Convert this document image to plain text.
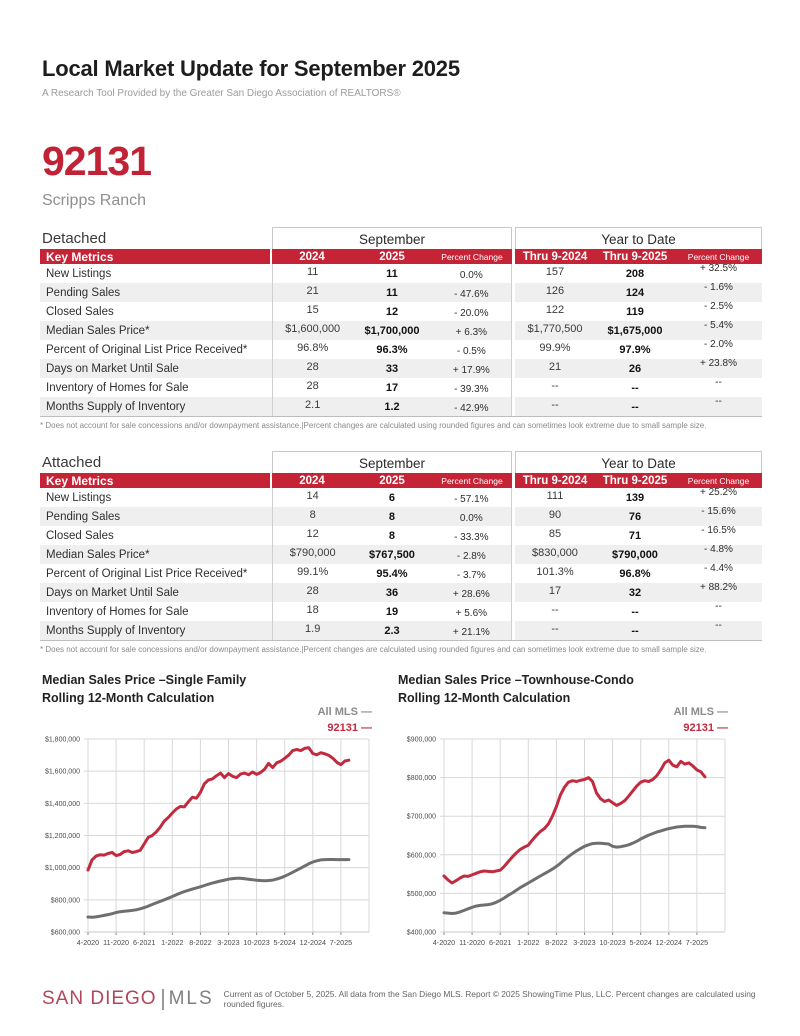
Local Market Update for September 2025
A Research Tool Provided by the Greater San Diego Association of REALTORS®
92131
Scripps Ranch
Detached	September	Year to Date
Key Metrics	2024	2025	Percent Change	Thru 9-2024	Thru 9-2025	Percent Change
New Listings	11	11	0.0%	157	208	+ 32.5%
Pending Sales	21	11	- 47.6%	126	124	- 1.6%
Closed Sales	15	12	- 20.0%	122	119	- 2.5%
Median Sales Price*	$1,600,000	$1,700,000	+ 6.3%	$1,770,500	$1,675,000	- 5.4%
Percent of Original List Price Received*	96.8%	96.3%	- 0.5%	99.9%	97.9%	- 2.0%
Days on Market Until Sale	28	33	+ 17.9%	21	26	+ 23.8%
Inventory of Homes for Sale	28	17	- 39.3%	--	--	--
Months Supply of Inventory	2.1	1.2	- 42.9%	--	--	--
* Does not account for sale concessions and/or downpayment assistance.|Percent changes are calculated using rounded figures and can sometimes look extreme due to small sample size.
Attached	September	Year to Date
Key Metrics	2024	2025	Percent Change	Thru 9-2024	Thru 9-2025	Percent Change
New Listings	14	6	- 57.1%	111	139	+ 25.2%
Pending Sales	8	8	0.0%	90	76	- 15.6%
Closed Sales	12	8	- 33.3%	85	71	- 16.5%
Median Sales Price*	$790,000	$767,500	- 2.8%	$830,000	$790,000	- 4.8%
Percent of Original List Price Received*	99.1%	95.4%	- 3.7%	101.3%	96.8%	- 4.4%
Days on Market Until Sale	28	36	+ 28.6%	17	32	+ 88.2%
Inventory of Homes for Sale	18	19	+ 5.6%	--	--	--
Months Supply of Inventory	1.9	2.3	+ 21.1%	--	--	--
* Does not account for sale concessions and/or downpayment assistance.|Percent changes are calculated using rounded figures and can sometimes look extreme due to small sample size.
Median Sales Price –Single Family
Rolling 12-Month Calculation
All MLS —
92131 —
$600,000
$800,000
$1,000,000
$1,200,000
$1,400,000
$1,600,000
$1,800,000
4-2020 11-2020 6-2021 1-2022 8-2022 3-2023 10-2023 5-2024 12-2024 7-2025
Median Sales Price –Townhouse-Condo
Rolling 12-Month Calculation
All MLS —
92131 —
$400,000
$500,000
$600,000
$700,000
$800,000
$900,000
4-2020 11-2020 6-2021 1-2022 8-2022 3-2023 10-2023 5-2024 12-2024 7-2025
SAN DIEGO MLS Current as of October 5, 2025. All data from the San Diego MLS. Report © 2025 ShowingTime Plus, LLC. Percent changes are calculated using rounded figures.
